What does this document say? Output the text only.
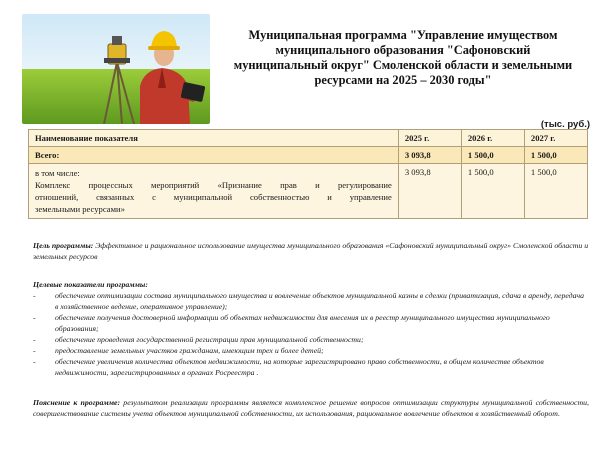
Муниципальная программа "Управление имуществом
муниципального образования "Сафоновский
муниципальный округ" Смоленской области и земельными
ресурсами на 2025 – 2030 годы"
(тыс. руб.)
Наименование показателя	2025 г.	2026 г.	2027 г.
Всего:	3 093,8	1 500,0	1 500,0

в том числе:
Комплекс процессных мероприятий «Признание прав и регулирование
отношений, связанных с муниципальной собственностью и управление
земельными ресурсами»	3 093,8	1 500,0	1 500,0
Цель программы: Эффективное и рациональное использование имущества муниципального образования «Сафоновский муниципальный округ» Смоленской области и земельных ресурсов
Целевые показатели программы:
- обеспечение оптимизации состава муниципального имущества и вовлечение объектов муниципальной казны в сделки (приватизация, сдача в аренду, передача в хозяйственное ведение, оперативное управление);
- обеспечение получения достоверной информации об объектах недвижимости для внесения их в реестр муниципального имущества муниципального образования;
- обеспечение проведения государственной регистрации прав муниципальной собственности;
- предоставление земельных участков гражданам, имеющим трех и более детей;
- обеспечение увеличения количества объектов недвижимости, на которые зарегистрировано право собственности, в общем количестве объектов недвижимости, зарегистрированных в органах Росреестра .
Пояснение к программе: результатом реализации программы является комплексное решение вопросов оптимизации структуры муниципальной собственности, совершенствование системы учета объектов муниципальной собственности, их использования, рациональное вовлечение объектов в хозяйственный оборот.
